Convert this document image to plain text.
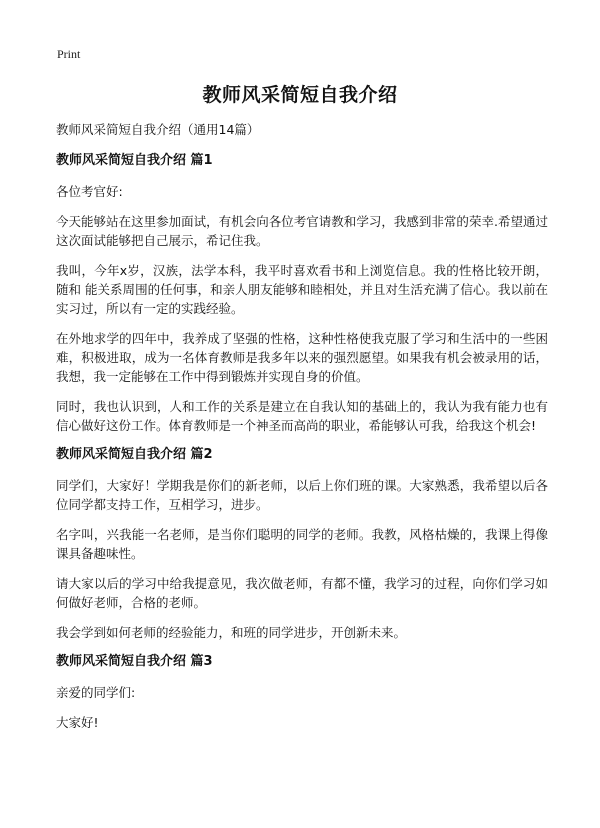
Print
教师风采简短自我介绍
教师风采简短自我介绍（通用14篇）
教师风采简短自我介绍 篇1

各位考官好:

今天能够站在这里参加面试，有机会向各位考官请教和学习，我感到非常的荣幸.希望通过这次面试能够把自己展示，希记住我。

我叫，今年x岁，汉族，法学本科，我平时喜欢看书和上浏览信息。我的性格比较开朗，随和 能关系周围的任何事，和亲人朋友能够和睦相处，并且对生活充满了信心。我以前在实习过，所以有一定的实践经验。

在外地求学的四年中，我养成了坚强的性格，这种性格使我克服了学习和生活中的一些困难，积极进取，成为一名体育教师是我多年以来的强烈愿望。如果我有机会被录用的话，我想，我一定能够在工作中得到锻炼并实现自身的价值。

同时，我也认识到，人和工作的关系是建立在自我认知的基础上的，我认为我有能力也有信心做好这份工作。体育教师是一个神圣而高尚的职业，希能够认可我，给我这个机会!

教师风采简短自我介绍 篇2

同学们，大家好！学期我是你们的新老师，以后上你们班的课。大家熟悉，我希望以后各位同学都支持工作，互相学习，进步。

名字叫，兴我能一名老师，是当你们聪明的同学的老师。我教，风格枯燥的，我课上得像课具备趣味性。

请大家以后的学习中给我提意见，我次做老师，有都不懂，我学习的过程，向你们学习如何做好老师，合格的老师。

我会学到如何老师的经验能力，和班的同学进步，开创新未来。

教师风采简短自我介绍 篇3

亲爱的同学们:

大家好!
